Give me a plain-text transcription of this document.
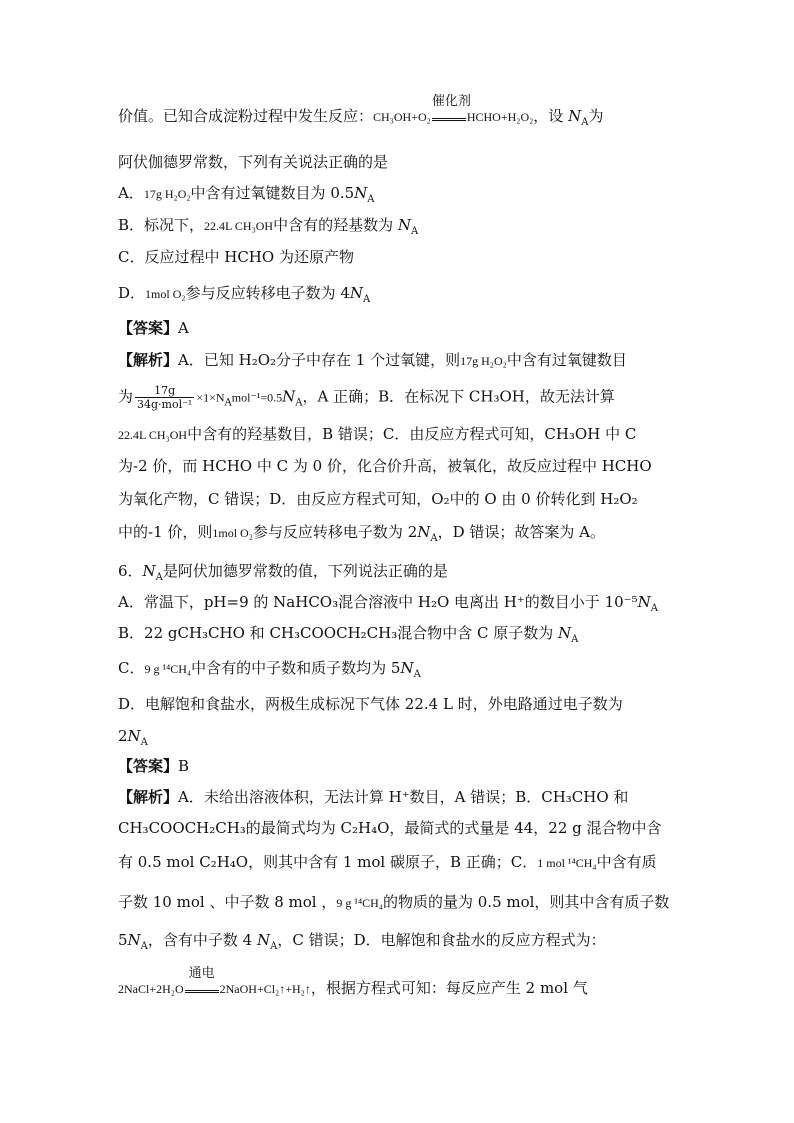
价值。已知合成淀粉过程中发生反应：CH₃OH+O₂
催化剂
HCHO+H₂O₂，设 $N_A$为
阿伏伽德罗常数，下列有关说法正确的是
A．17g H₂O₂中含有过氧键数目为 $0.5N_A$
B．标况下，22.4L CH₃OH中含有的羟基数为 $N_A$
C．反应过程中 HCHO 为还原产物
D．1mol O₂参与反应转移电子数为 $4N_A$
【答案】A
【解析】A．已知 H₂O₂分子中存在 1 个过氧键，则17g H₂O₂中含有过氧键数目
为 $\frac{17g}{\text{34g·mol⁻¹}} \times 1\times N_Amol^{-1}=0.5N_A$，A 正确；B．在标况下 CH₃OH，故无法计算
22.4L CH₃OH中含有的羟基数目，B 错误；C．由反应方程式可知，CH₃OH 中 C
为-2 价，而 HCHO 中 C 为 0 价，化合价升高，被氧化，故反应过程中 HCHO
为氧化产物，C 错误；D．由反应方程式可知，O₂中的 O 由 0 价转化到 H₂O₂
中的-1 价，则1mol O₂参与反应转移电子数为 $2N_A$，D 错误；故答案为 A。
6．$N_A$是阿伏加德罗常数的值，下列说法正确的是
A．常温下，pH=9 的 NaHCO₃混合溶液中 H₂O 电离出 H⁺的数目小于 $10^{-5}N_A$
B．22 gCH₃CHO 和 CH₃COOCH₂CH₃混合物中含 C 原子数为 $N_A$
C．9 g ¹⁴CH₄中含有的中子数和质子数均为 $5N_A$
D．电解饱和食盐水，两极生成标况下气体 22.4 L 时，外电路通过电子数为
$2N_A$
【答案】B
【解析】A．未给出溶液体积，无法计算 H⁺数目，A 错误；B．CH₃CHO 和
CH₃COOCH₂CH₃的最简式均为 C₂H₄O，最简式的式量是 44，22 g 混合物中含
有 0.5 mol C₂H₄O，则其中含有 1 mol 碳原子，B 正确；C．1 mol ¹⁴CH₄中含有质
子数 10 mol 、中子数 8 mol ，9 g ¹⁴CH₄的物质的量为 0.5 mol，则其中含有质子数
$5N_A$，含有中子数 4 $N_A$，C 错误；D．电解饱和食盐水的反应方程式为：
2NaCl+2H₂O
通电
2NaOH+Cl₂↑+H₂↑，根据方程式可知：每反应产生 2 mol 气
